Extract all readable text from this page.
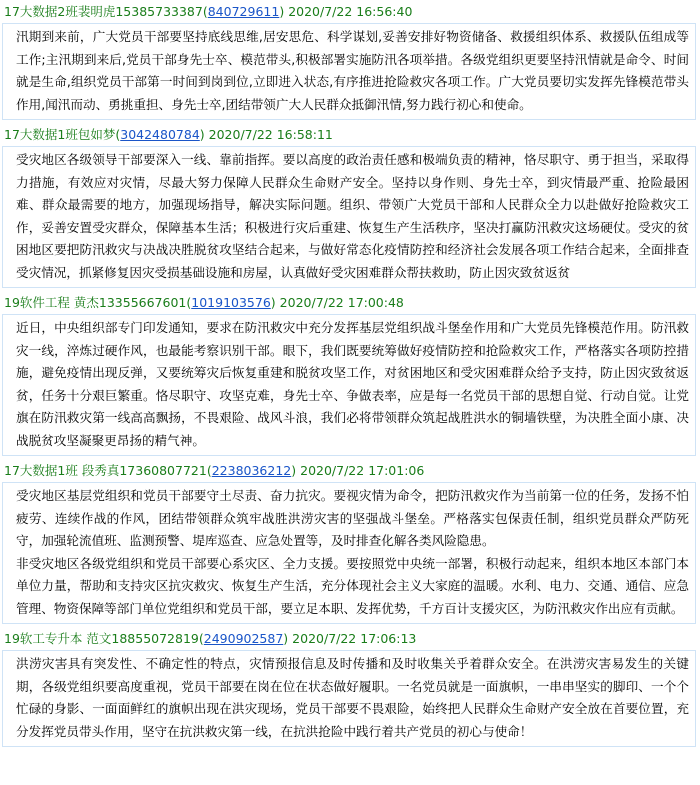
17大数据2班裴明虎15385733387(840729611) 2020/7/22 16:56:40

汛期到来前，广大党员干部要坚持底线思维,居安思危、科学谋划,妥善安排好物资储备、救援组织体系、救援队伍组成等工作;主汛期到来后,党员干部身先士卒、模范带头,积极部署实施防汛各项举措。各级党组织更要坚持汛情就是命令、时间就是生命,组织党员干部第一时间到岗到位,立即进入状态,有序推进抢险救灾各项工作。广大党员要切实发挥先锋模范带头作用,闻汛而动、勇挑重担、身先士卒,团结带领广大人民群众抵御汛情,努力践行初心和使命。

17大数据1班包如梦(3042480784) 2020/7/22 16:58:11

受灾地区各级领导干部要深入一线、靠前指挥。要以高度的政治责任感和极端负责的精神，恪尽职守、勇于担当，采取得力措施，有效应对灾情，尽最大努力保障人民群众生命财产安全。坚持以身作则、身先士卒，到灾情最严重、抢险最困难、群众最需要的地方，加强现场指导，解决实际问题。组织、带领广大党员干部和人民群众全力以赴做好抢险救灾工作，妥善安置受灾群众，保障基本生活；积极进行灾后重建、恢复生产生活秩序，坚决打赢防汛救灾这场硬仗。受灾的贫困地区要把防汛救灾与决战决胜脱贫攻坚结合起来，与做好常态化疫情防控和经济社会发展各项工作结合起来，全面排查受灾情况，抓紧修复因灾受损基础设施和房屋，认真做好受灾困难群众帮扶救助，防止因灾致贫返贫

19软件工程 黄杰13355667601(1019103576) 2020/7/22 17:00:48

近日，中央组织部专门印发通知，要求在防汛救灾中充分发挥基层党组织战斗堡垒作用和广大党员先锋模范作用。防汛救灾一线，淬炼过硬作风，也最能考察识别干部。眼下，我们既要统筹做好疫情防控和抢险救灾工作，严格落实各项防控措施，避免疫情出现反弹，又要统筹灾后恢复重建和脱贫攻坚工作，对贫困地区和受灾困难群众给予支持，防止因灾致贫返贫，任务十分艰巨繁重。恪尽职守、攻坚克难，身先士卒、争做表率，应是每一名党员干部的思想自觉、行动自觉。让党旗在防汛救灾第一线高高飘扬，不畏艰险、战风斗浪，我们必将带领群众筑起战胜洪水的铜墙铁壁，为决胜全面小康、决战脱贫攻坚凝聚更昂扬的精气神。

17大数据1班 段秀真17360807721(2238036212) 2020/7/22 17:01:06

受灾地区基层党组织和党员干部要守土尽责、奋力抗灾。要视灾情为命令，把防汛救灾作为当前第一位的任务，发扬不怕疲劳、连续作战的作风，团结带领群众筑牢战胜洪涝灾害的坚强战斗堡垒。严格落实包保责任制，组织党员群众严防死守，加强轮流值班、监测预警、堤库巡查、应急处置等，及时排查化解各类风险隐患。

非受灾地区各级党组织和党员干部要心系灾区、全力支援。要按照党中央统一部署，积极行动起来，组织本地区本部门本单位力量，帮助和支持灾区抗灾救灾、恢复生产生活，充分体现社会主义大家庭的温暖。水利、电力、交通、通信、应急管理、物资保障等部门单位党组织和党员干部，要立足本职、发挥优势，千方百计支援灾区，为防汛救灾作出应有贡献。

19软工专升本 范文18855072819(2490902587) 2020/7/22 17:06:13

洪涝灾害具有突发性、不确定性的特点，灾情预报信息及时传播和及时收集关乎着群众安全。在洪涝灾害易发生的关键期，各级党组织要高度重视，党员干部要在岗在位在状态做好履职。一名党员就是一面旗帜，一串串坚实的脚印、一个个忙碌的身影、一面面鲜红的旗帜出现在洪灾现场，党员干部要不畏艰险，始终把人民群众生命财产安全放在首要位置，充分发挥党员带头作用，坚守在抗洪救灾第一线，在抗洪抢险中践行着共产党员的初心与使命！
